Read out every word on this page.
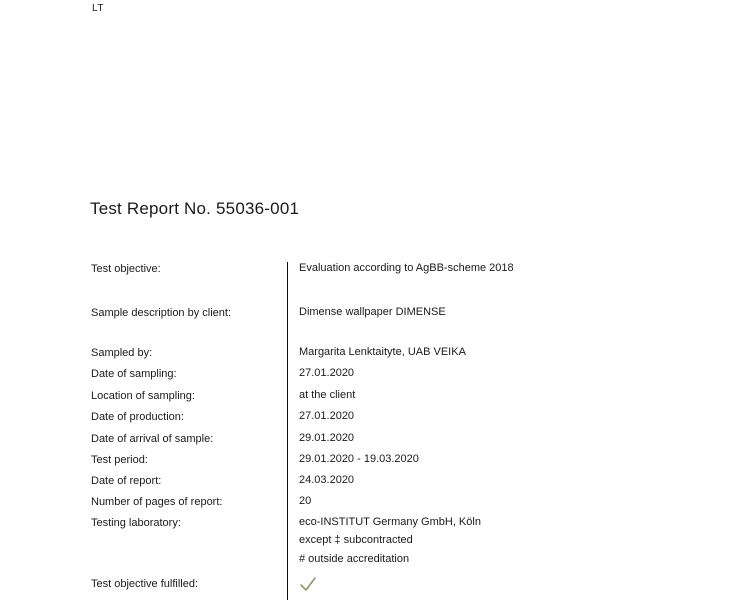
LT
Test Report No. 55036-001
Test objective:	Evaluation according to AgBB-scheme 2018
Sample description by client:	Dimense wallpaper DIMENSE
Sampled by:	Margarita Lenktaityte, UAB VEIKA
Date of sampling:	27.01.2020
Location of sampling:	at the client
Date of production:	27.01.2020
Date of arrival of sample:	29.01.2020
Test period:	29.01.2020 - 19.03.2020
Date of report:	24.03.2020
Number of pages of report:	20
Testing laboratory:	eco-INSTITUT Germany GmbH, Köln
except ‡ subcontracted
# outside accreditation
Test objective fulfilled:
